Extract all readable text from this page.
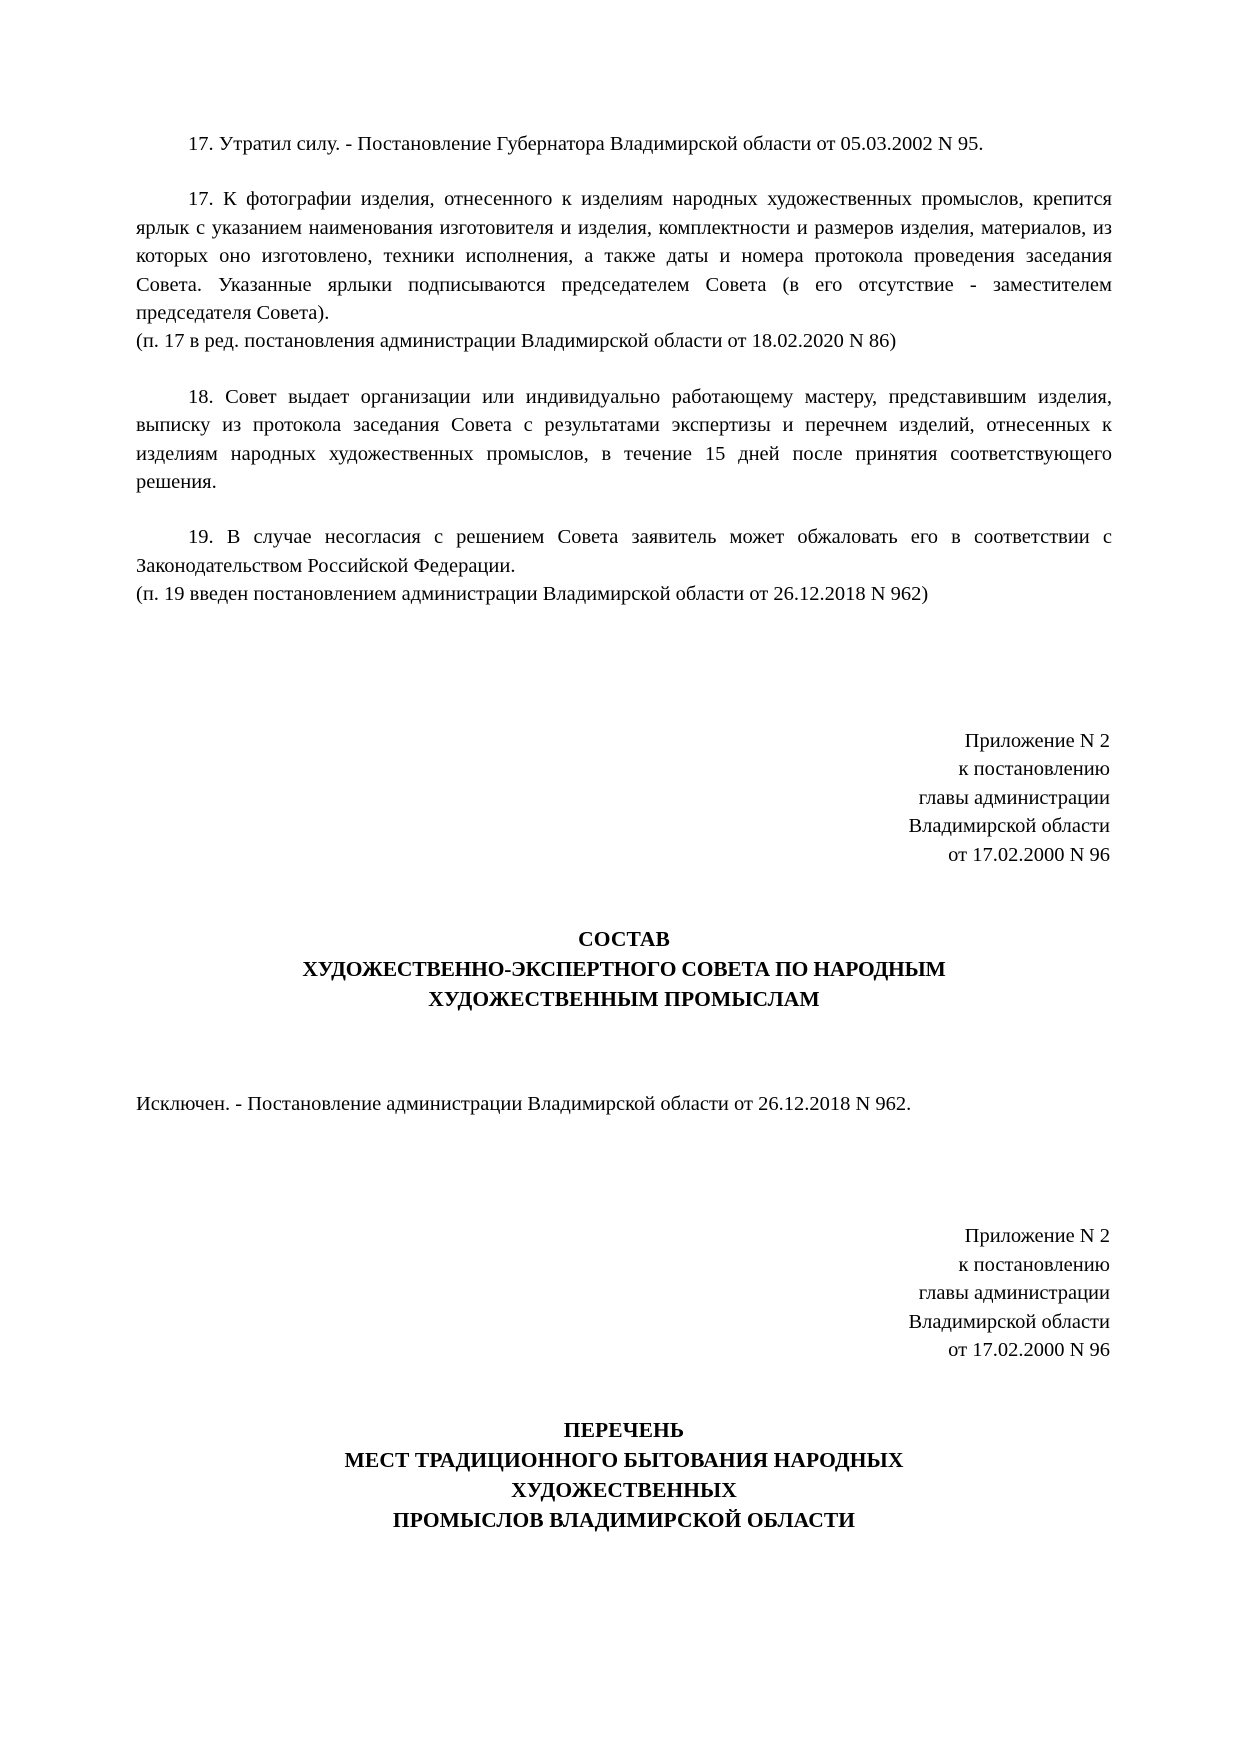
17. Утратил силу. - Постановление Губернатора Владимирской области от 05.03.2002 N 95.

17. К фотографии изделия, отнесенного к изделиям народных художественных промыслов, крепится ярлык с указанием наименования изготовителя и изделия, комплектности и размеров изделия, материалов, из которых оно изготовлено, техники исполнения, а также даты и номера протокола проведения заседания Совета. Указанные ярлыки подписываются председателем Совета (в его отсутствие - заместителем председателя Совета).

(п. 17 в ред. постановления администрации Владимирской области от 18.02.2020 N 86)

18. Совет выдает организации или индивидуально работающему мастеру, представившим изделия, выписку из протокола заседания Совета с результатами экспертизы и перечнем изделий, отнесенных к изделиям народных художественных промыслов, в течение 15 дней после принятия соответствующего решения.

19. В случае несогласия с решением Совета заявитель может обжаловать его в соответствии с Законодательством Российской Федерации.

(п. 19 введен постановлением администрации Владимирской области от 26.12.2018 N 962)

Приложение N 2
к постановлению
главы администрации
Владимирской области
от 17.02.2000 N 96
СОСТАВ
ХУДОЖЕСТВЕННО-ЭКСПЕРТНОГО СОВЕТА ПО НАРОДНЫМ
ХУДОЖЕСТВЕННЫМ ПРОМЫСЛАМ

Исключен. - Постановление администрации Владимирской области от 26.12.2018 N 962.

Приложение N 2
к постановлению
главы администрации
Владимирской области
от 17.02.2000 N 96
ПЕРЕЧЕНЬ
МЕСТ ТРАДИЦИОННОГО БЫТОВАНИЯ НАРОДНЫХ
ХУДОЖЕСТВЕННЫХ
ПРОМЫСЛОВ ВЛАДИМИРСКОЙ ОБЛАСТИ
